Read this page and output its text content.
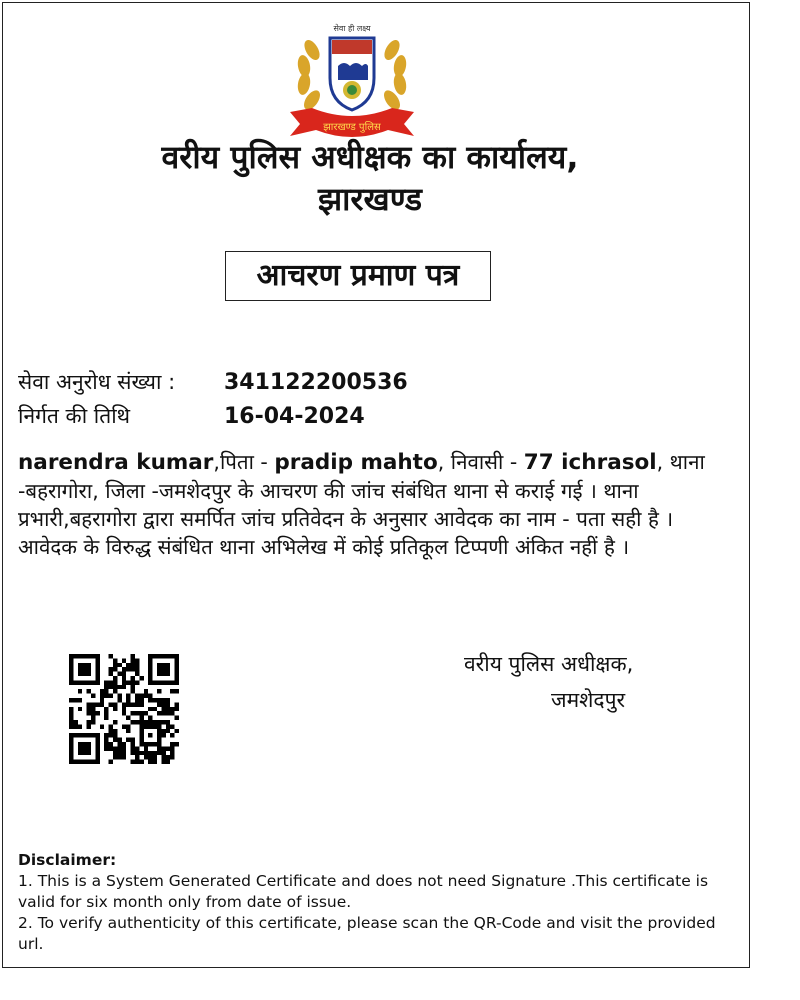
सेवा ही लक्ष्य
झारखण्ड पुलिस
वरीय पुलिस अधीक्षक का कार्यालय,
झारखण्ड
आचरण प्रमाण पत्र
सेवा अनुरोध संख्या : 341122200536
निर्गत की तिथि	16-04-2024
narendra kumar,पिता - pradip mahto, निवासी - 77 ichrasol, थाना -बहरागोरा, जिला -जमशेदपुर के आचरण की जांच संबंधित थाना से कराई गई । थाना प्रभारी,बहरागोरा द्वारा समर्पित जांच प्रतिवेदन के अनुसार आवेदक का नाम - पता सही है । आवेदक के विरुद्ध संबंधित थाना अभिलेख में कोई प्रतिकूल टिप्पणी अंकित नहीं है ।
वरीय पुलिस अधीक्षक,
जमशेदपुर
Disclaimer:
1. This is a System Generated Certificate and does not need Signature .This certificate is valid for six month only from date of issue.
2. To verify authenticity of this certificate, please scan the QR-Code and visit the provided url.
